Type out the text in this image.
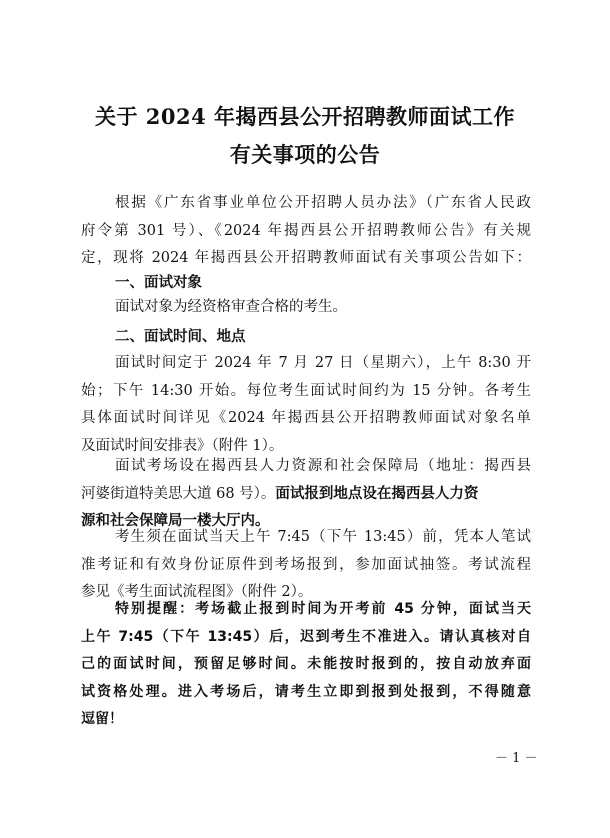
关于 2024 年揭西县公开招聘教师面试工作
有关事项的公告
根据《广东省事业单位公开招聘人员办法》（广东省人民政
府令第 301 号）、《2024 年揭西县公开招聘教师公告》有关规
定，现将 2024 年揭西县公开招聘教师面试有关事项公告如下：
一、面试对象
面试对象为经资格审查合格的考生。
二、面试时间、地点
面试时间定于 2024 年 7 月 27 日（星期六），上午 8:30 开
始；下午 14:30 开始。每位考生面试时间约为 15 分钟。各考生
具体面试时间详见《2024 年揭西县公开招聘教师面试对象名单
及面试时间安排表》（附件 1）。
面试考场设在揭西县人力资源和社会保障局（地址：揭西县
河婆街道特美思大道 68 号）。面试报到地点设在揭西县人力资
源和社会保障局一楼大厅内。
考生须在面试当天上午 7:45（下午 13:45）前，凭本人笔试
准考证和有效身份证原件到考场报到，参加面试抽签。考试流程
参见《考生面试流程图》（附件 2）。
特别提醒：考场截止报到时间为开考前 45 分钟，面试当天
上午 7:45（下午 13:45）后，迟到考生不准进入。请认真核对自
己的面试时间，预留足够时间。未能按时报到的，按自动放弃面
试资格处理。进入考场后，请考生立即到报到处报到，不得随意
逗留！
－ 1 －
